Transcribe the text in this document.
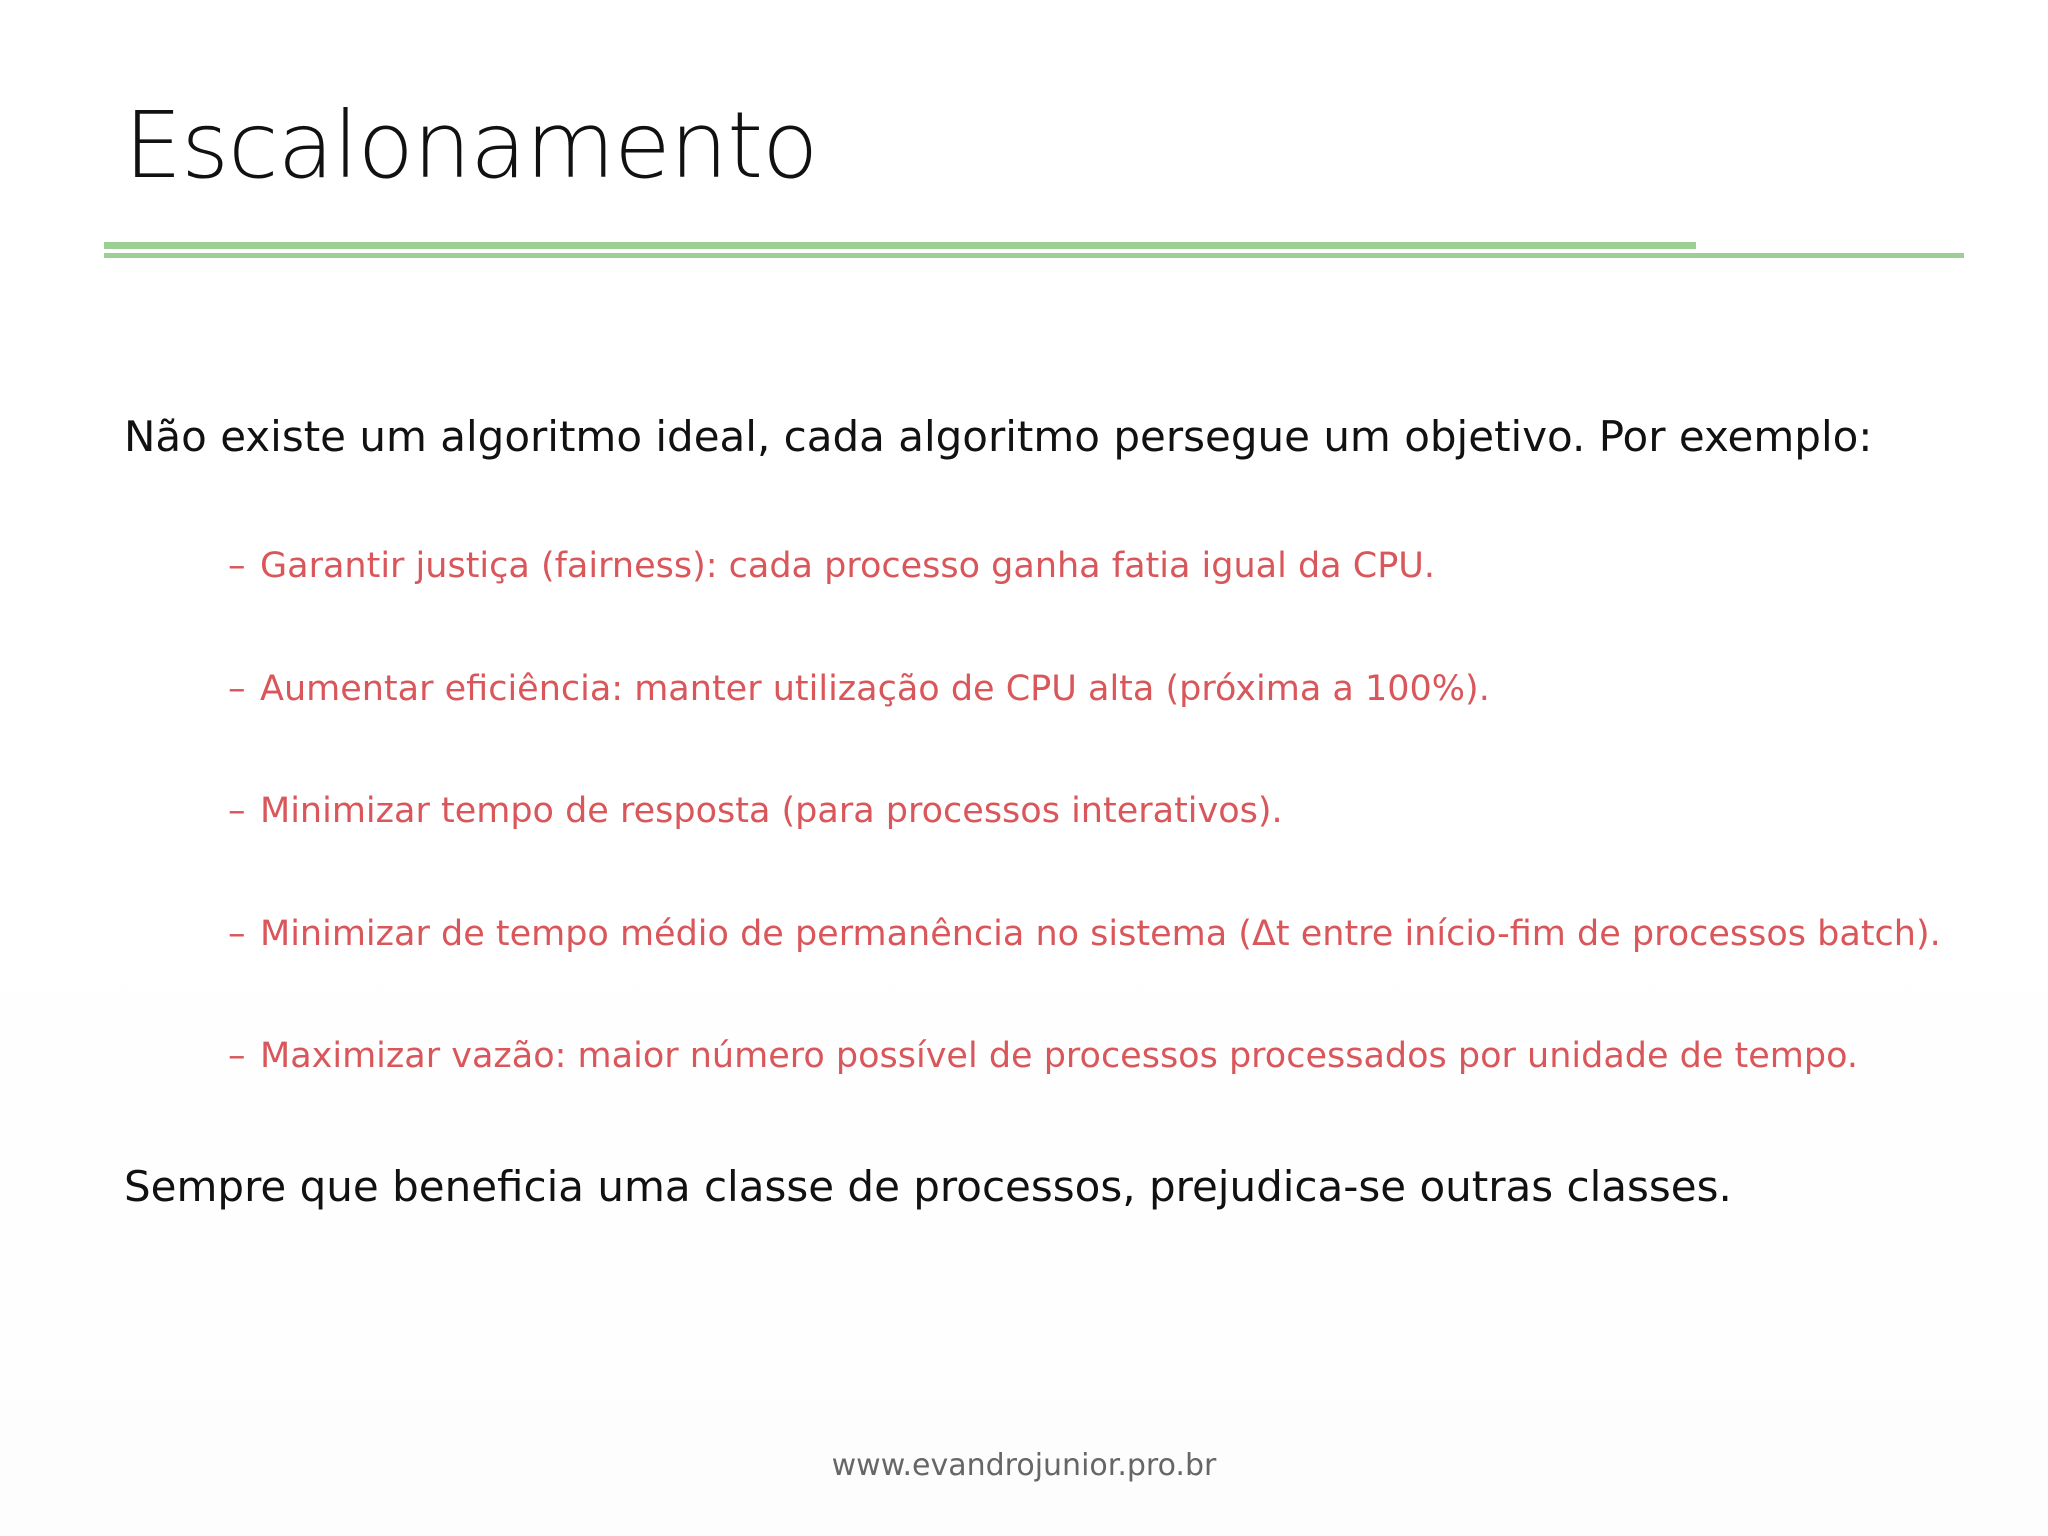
Escalonamento
Não existe um algoritmo ideal, cada algoritmo persegue um objetivo. Por exemplo:
– Garantir justiça (fairness): cada processo ganha fatia igual da CPU.
– Aumentar eficiência: manter utilização de CPU alta (próxima a 100%).
– Minimizar tempo de resposta (para processos interativos).
– Minimizar de tempo médio de permanência no sistema (Δt entre início-fim de processos batch).
– Maximizar vazão: maior número possível de processos processados por unidade de tempo.
Sempre que beneficia uma classe de processos, prejudica-se outras classes.
www.evandrojunior.pro.br
